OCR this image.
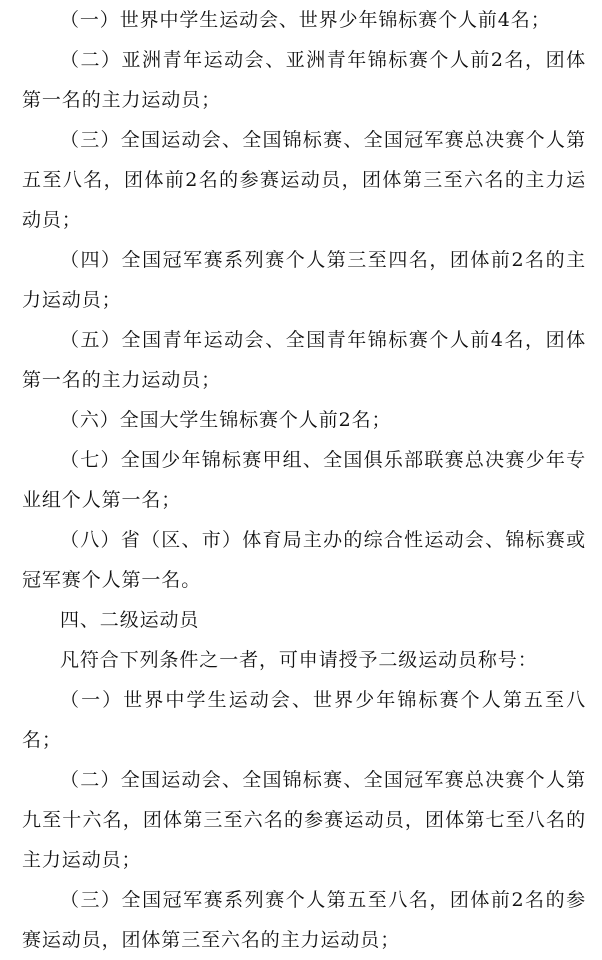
（一）世界中学生运动会、世界少年锦标赛个人前4名；

（二）亚洲青年运动会、亚洲青年锦标赛个人前2名，团体第一名的主力运动员；

（三）全国运动会、全国锦标赛、全国冠军赛总决赛个人第五至八名，团体前2名的参赛运动员，团体第三至六名的主力运动员；

（四）全国冠军赛系列赛个人第三至四名，团体前2名的主力运动员；

（五）全国青年运动会、全国青年锦标赛个人前4名，团体第一名的主力运动员；

（六）全国大学生锦标赛个人前2名；

（七）全国少年锦标赛甲组、全国俱乐部联赛总决赛少年专业组个人第一名；

（八）省（区、市）体育局主办的综合性运动会、锦标赛或冠军赛个人第一名。

四、二级运动员

凡符合下列条件之一者，可申请授予二级运动员称号：

（一）世界中学生运动会、世界少年锦标赛个人第五至八名；

（二）全国运动会、全国锦标赛、全国冠军赛总决赛个人第九至十六名，团体第三至六名的参赛运动员，团体第七至八名的主力运动员；

（三）全国冠军赛系列赛个人第五至八名，团体前2名的参赛运动员，团体第三至六名的主力运动员；
